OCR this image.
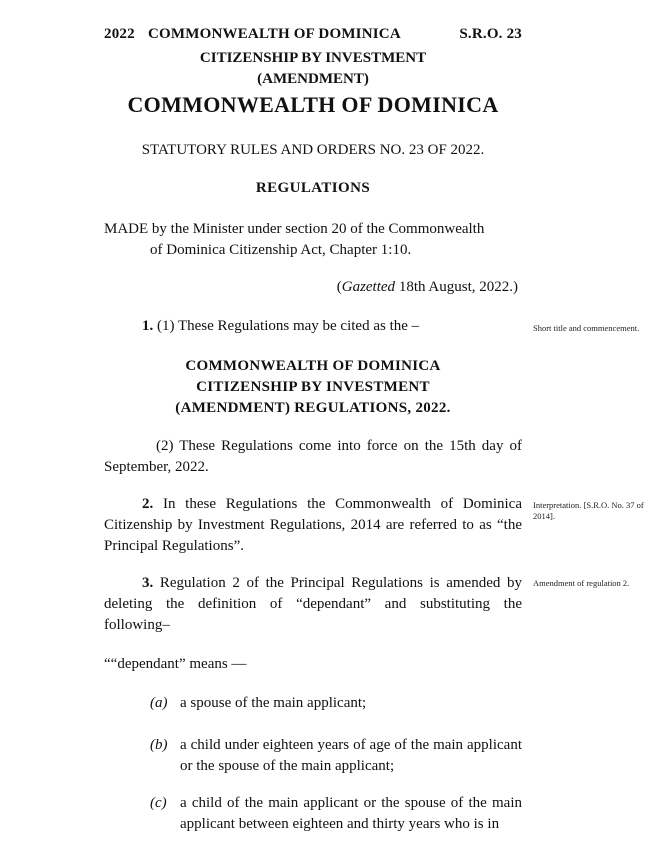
2022 COMMONWEALTH OF DOMINICA	S.R.O. 23
CITIZENSHIP BY INVESTMENT
(AMENDMENT)
COMMONWEALTH OF DOMINICA
STATUTORY RULES AND ORDERS NO. 23 OF 2022.
REGULATIONS
MADE by the Minister under section 20 of the Commonwealth
of Dominica Citizenship Act, Chapter 1:10.
(Gazetted 18th August, 2022.)
1. (1) These Regulations may be cited as the –
COMMONWEALTH OF DOMINICA
CITIZENSHIP BY INVESTMENT
(AMENDMENT) REGULATIONS, 2022.
(2) These Regulations come into force on the 15th day of September, 2022.
2. In these Regulations the Commonwealth of Dominica Citizenship by Investment Regulations, 2014 are referred to as “the Principal Regulations”.
3. Regulation 2 of the Principal Regulations is amended by deleting the definition of “dependant” and substituting the following–
““dependant” means —
(a) a spouse of the main applicant;
(b) a child under eighteen years of age of the main applicant or the spouse of the main applicant;
(c) a child of the main applicant or the spouse of the main applicant between eighteen and thirty years who is in
Short title and commencement.
Interpretation. [S.R.O. No. 37 of 2014].
Amendment of regulation 2.
